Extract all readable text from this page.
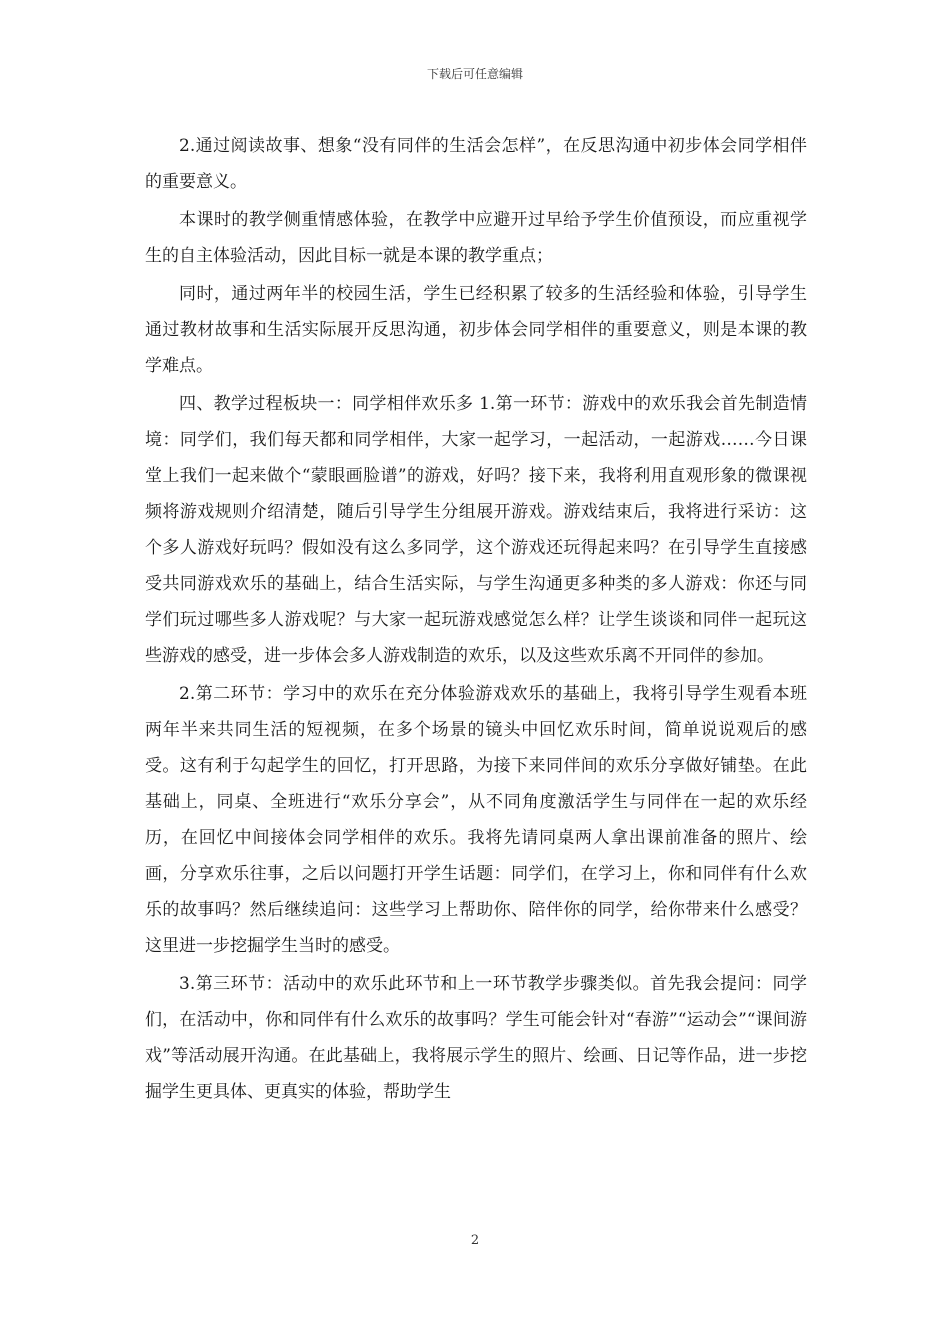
下载后可任意编辑

2.通过阅读故事、想象“没有同伴的生活会怎样”，在反思沟通中初步体会同学相伴的重要意义。

本课时的教学侧重情感体验，在教学中应避开过早给予学生价值预设，而应重视学生的自主体验活动，因此目标一就是本课的教学重点；

同时，通过两年半的校园生活，学生已经积累了较多的生活经验和体验，引导学生通过教材故事和生活实际展开反思沟通，初步体会同学相伴的重要意义，则是本课的教学难点。

四、教学过程板块一：同学相伴欢乐多 1.第一环节：游戏中的欢乐我会首先制造情境：同学们，我们每天都和同学相伴，大家一起学习，一起活动，一起游戏……今日课堂上我们一起来做个“蒙眼画脸谱”的游戏，好吗？接下来，我将利用直观形象的微课视频将游戏规则介绍清楚，随后引导学生分组展开游戏。游戏结束后，我将进行采访：这个多人游戏好玩吗？假如没有这么多同学，这个游戏还玩得起来吗？在引导学生直接感受共同游戏欢乐的基础上，结合生活实际，与学生沟通更多种类的多人游戏：你还与同学们玩过哪些多人游戏呢？与大家一起玩游戏感觉怎么样？让学生谈谈和同伴一起玩这些游戏的感受，进一步体会多人游戏制造的欢乐，以及这些欢乐离不开同伴的参加。

2.第二环节：学习中的欢乐在充分体验游戏欢乐的基础上，我将引导学生观看本班两年半来共同生活的短视频，在多个场景的镜头中回忆欢乐时间，简单说说观后的感受。这有利于勾起学生的回忆，打开思路，为接下来同伴间的欢乐分享做好铺垫。在此基础上，同桌、全班进行“欢乐分享会”，从不同角度激活学生与同伴在一起的欢乐经历，在回忆中间接体会同学相伴的欢乐。我将先请同桌两人拿出课前准备的照片、绘画，分享欢乐往事，之后以问题打开学生话题：同学们，在学习上，你和同伴有什么欢乐的故事吗？然后继续追问：这些学习上帮助你、陪伴你的同学，给你带来什么感受？这里进一步挖掘学生当时的感受。

3.第三环节：活动中的欢乐此环节和上一环节教学步骤类似。首先我会提问：同学们，在活动中，你和同伴有什么欢乐的故事吗？学生可能会针对“春游”“运动会”“课间游戏”等活动展开沟通。在此基础上，我将展示学生的照片、绘画、日记等作品，进一步挖掘学生更具体、更真实的体验，帮助学生

2
